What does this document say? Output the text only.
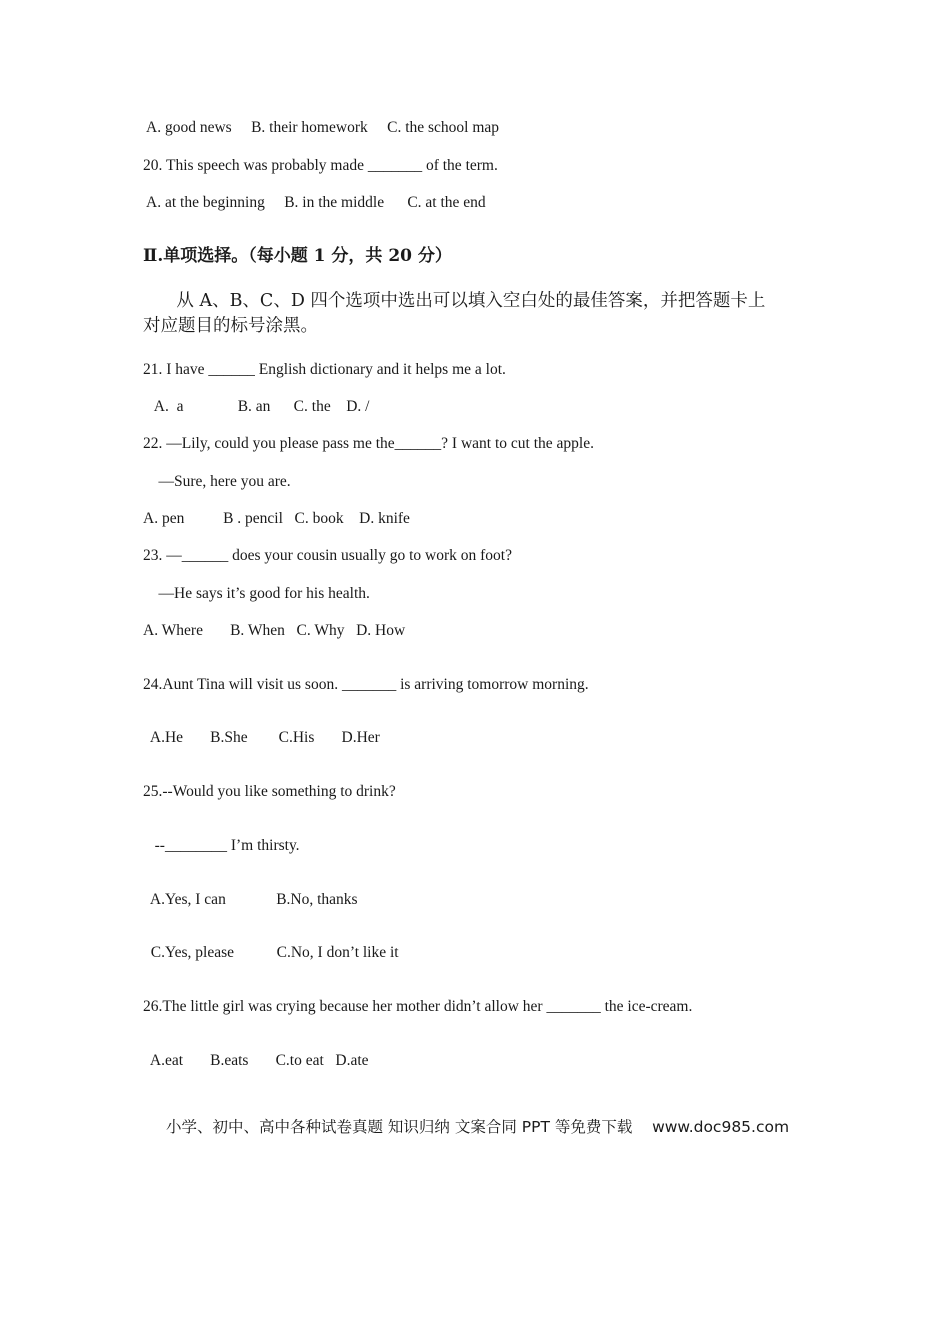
A. good news     B. their homework     C. the school map
20. This speech was probably made _______ of the term.
A. at the beginning     B. in the middle      C. at the end
Ⅱ.单项选择。（每小题 1 分，共 20 分）
从 A、B、C、D 四个选项中选出可以填入空白处的最佳答案，并把答题卡上
对应题目的标号涂黑。
21. I have ______ English dictionary and it helps me a lot.
A.  a              B. an      C. the    D. /
22. —Lily, could you please pass me the______? I want to cut the apple.
—Sure, here you are.
A. pen          B . pencil   C. book    D. knife
23. —______ does your cousin usually go to work on foot?
—He says it’s good for his health.
A. Where       B. When   C. Why   D. How
24.Aunt Tina will visit us soon. _______ is arriving tomorrow morning.
A.He       B.She        C.His       D.Her
25.--Would you like something to drink?
--________ I’m thirsty.
A.Yes, I can             B.No, thanks
C.Yes, please           C.No, I don’t like it
26.The little girl was crying because her mother didn’t allow her _______ the ice-cream.
A.eat       B.eats       C.to eat   D.ate
小学、初中、高中各种试卷真题 知识归纳 文案合同 PPT 等免费下载    www.doc985.com
